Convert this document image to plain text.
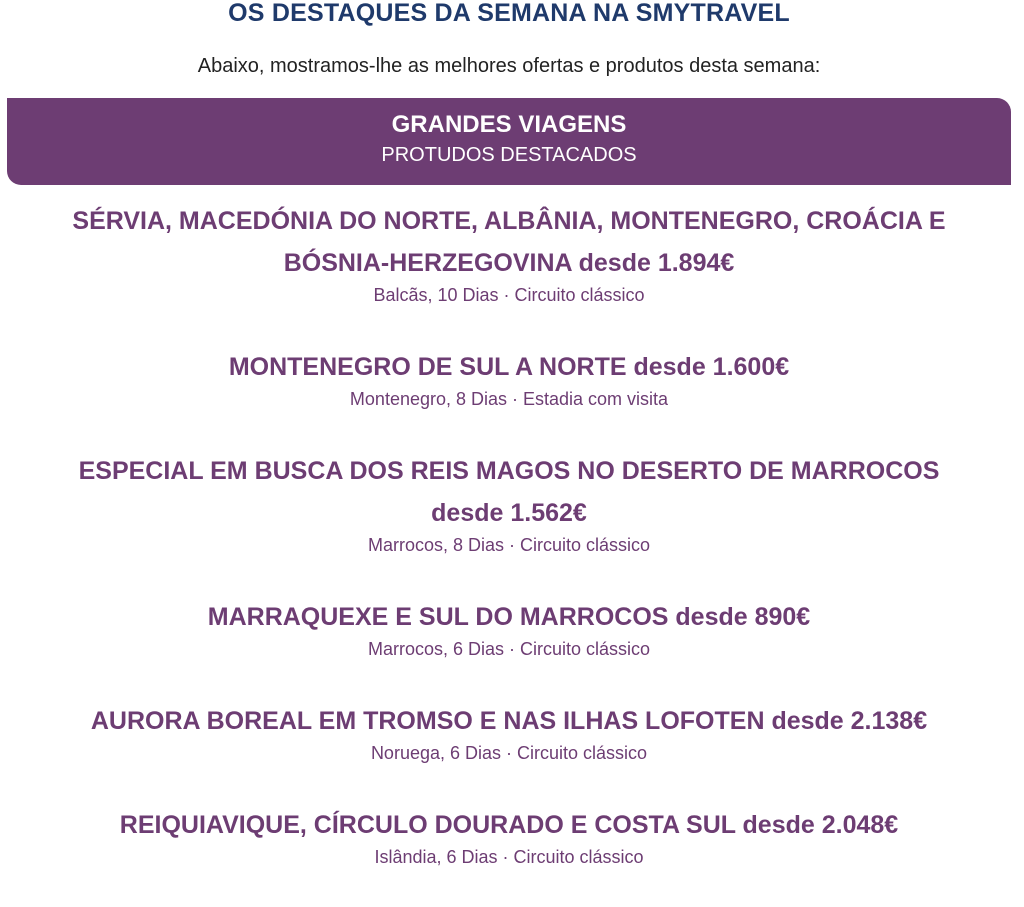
OS DESTAQUES DA SEMANA NA SMYTRAVEL
Abaixo, mostramos-lhe as melhores ofertas e produtos desta semana:
GRANDES VIAGENS
PROTUDOS DESTACADOS
SÉRVIA, MACEDÓNIA DO NORTE, ALBÂNIA, MONTENEGRO, CROÁCIA E BÓSNIA-HERZEGOVINA desde 1.894€
Balcãs, 10 Dias · Circuito clássico
MONTENEGRO DE SUL A NORTE desde 1.600€
Montenegro, 8 Dias · Estadia com visita
ESPECIAL EM BUSCA DOS REIS MAGOS NO DESERTO DE MARROCOS desde 1.562€
Marrocos, 8 Dias · Circuito clássico
MARRAQUEXE E SUL DO MARROCOS desde 890€
Marrocos, 6 Dias · Circuito clássico
AURORA BOREAL EM TROMSO E NAS ILHAS LOFOTEN desde 2.138€
Noruega, 6 Dias · Circuito clássico
REIQUIAVIQUE, CÍRCULO DOURADO E COSTA SUL desde 2.048€
Islândia, 6 Dias · Circuito clássico
